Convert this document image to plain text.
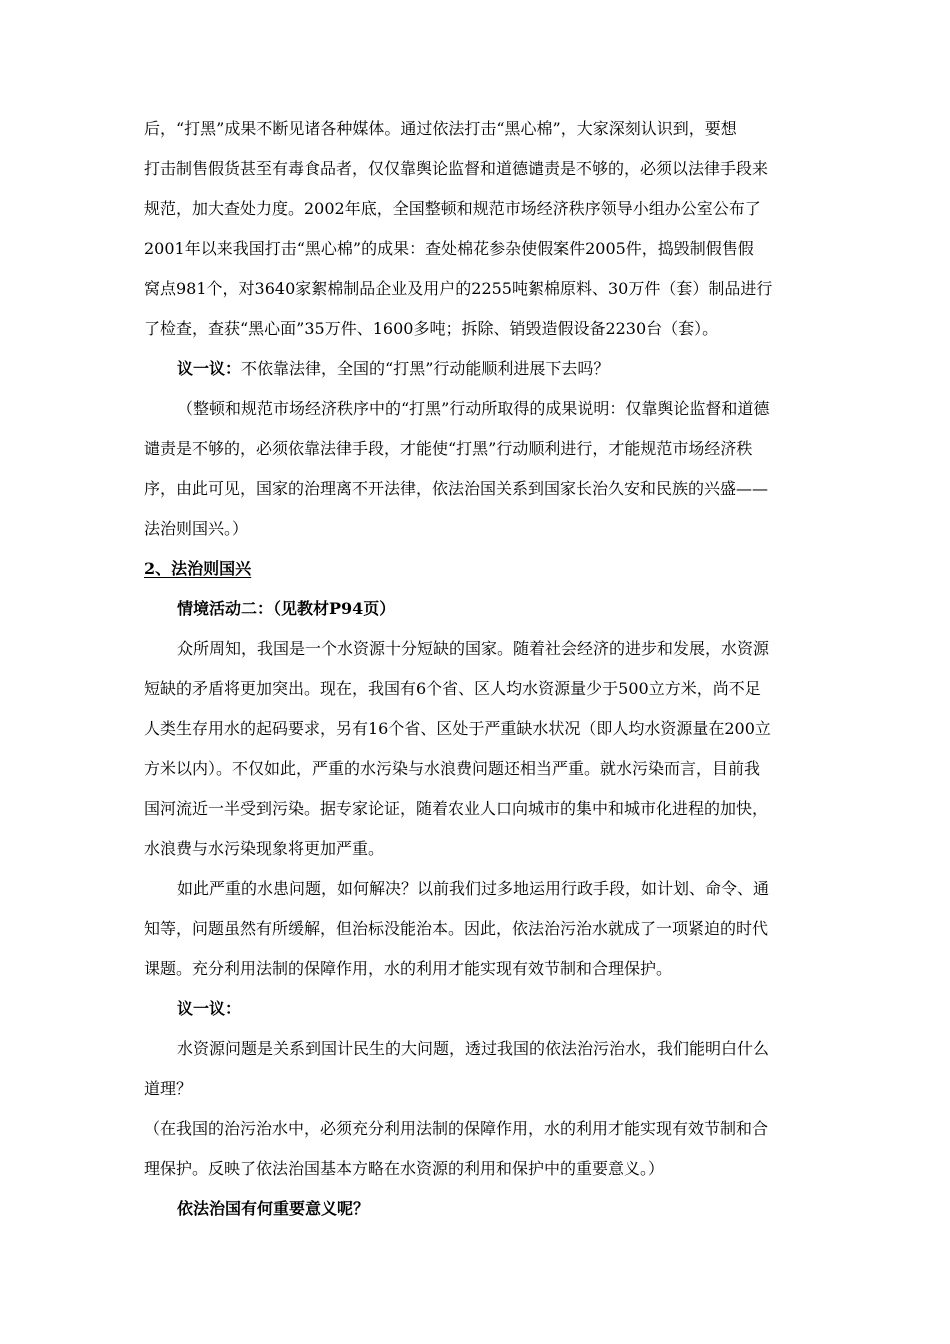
后，“打黑”成果不断见诸各种媒体。通过依法打击“黑心棉”，大家深刻认识到，要想
打击制售假货甚至有毒食品者，仅仅靠舆论监督和道德谴责是不够的，必须以法律手段来
规范，加大查处力度。2002年底，全国整顿和规范市场经济秩序领导小组办公室公布了
2001年以来我国打击“黑心棉”的成果：查处棉花参杂使假案件2005件，捣毁制假售假
窝点981个，对3640家絮棉制品企业及用户的2255吨絮棉原料、30万件（套）制品进行
了检查，查获“黑心面”35万件、1600多吨；拆除、销毁造假设备2230台（套）。
议一议：不依靠法律，全国的“打黑”行动能顺利进展下去吗？
（整顿和规范市场经济秩序中的“打黑”行动所取得的成果说明：仅靠舆论监督和道德
谴责是不够的，必须依靠法律手段，才能使“打黑”行动顺利进行，才能规范市场经济秩
序，由此可见，国家的治理离不开法律，依法治国关系到国家长治久安和民族的兴盛——
法治则国兴。）
2、法治则国兴
情境活动二：（见教材P94页）
众所周知，我国是一个水资源十分短缺的国家。随着社会经济的进步和发展，水资源
短缺的矛盾将更加突出。现在，我国有6个省、区人均水资源量少于500立方米，尚不足
人类生存用水的起码要求，另有16个省、区处于严重缺水状况（即人均水资源量在200立
方米以内）。不仅如此，严重的水污染与水浪费问题还相当严重。就水污染而言，目前我
国河流近一半受到污染。据专家论证，随着农业人口向城市的集中和城市化进程的加快，
水浪费与水污染现象将更加严重。
如此严重的水患问题，如何解决？以前我们过多地运用行政手段，如计划、命令、通
知等，问题虽然有所缓解，但治标没能治本。因此，依法治污治水就成了一项紧迫的时代
课题。充分利用法制的保障作用，水的利用才能实现有效节制和合理保护。
议一议：
水资源问题是关系到国计民生的大问题，透过我国的依法治污治水，我们能明白什么
道理？
（在我国的治污治水中，必须充分利用法制的保障作用，水的利用才能实现有效节制和合
理保护。反映了依法治国基本方略在水资源的利用和保护中的重要意义。）
依法治国有何重要意义呢？
